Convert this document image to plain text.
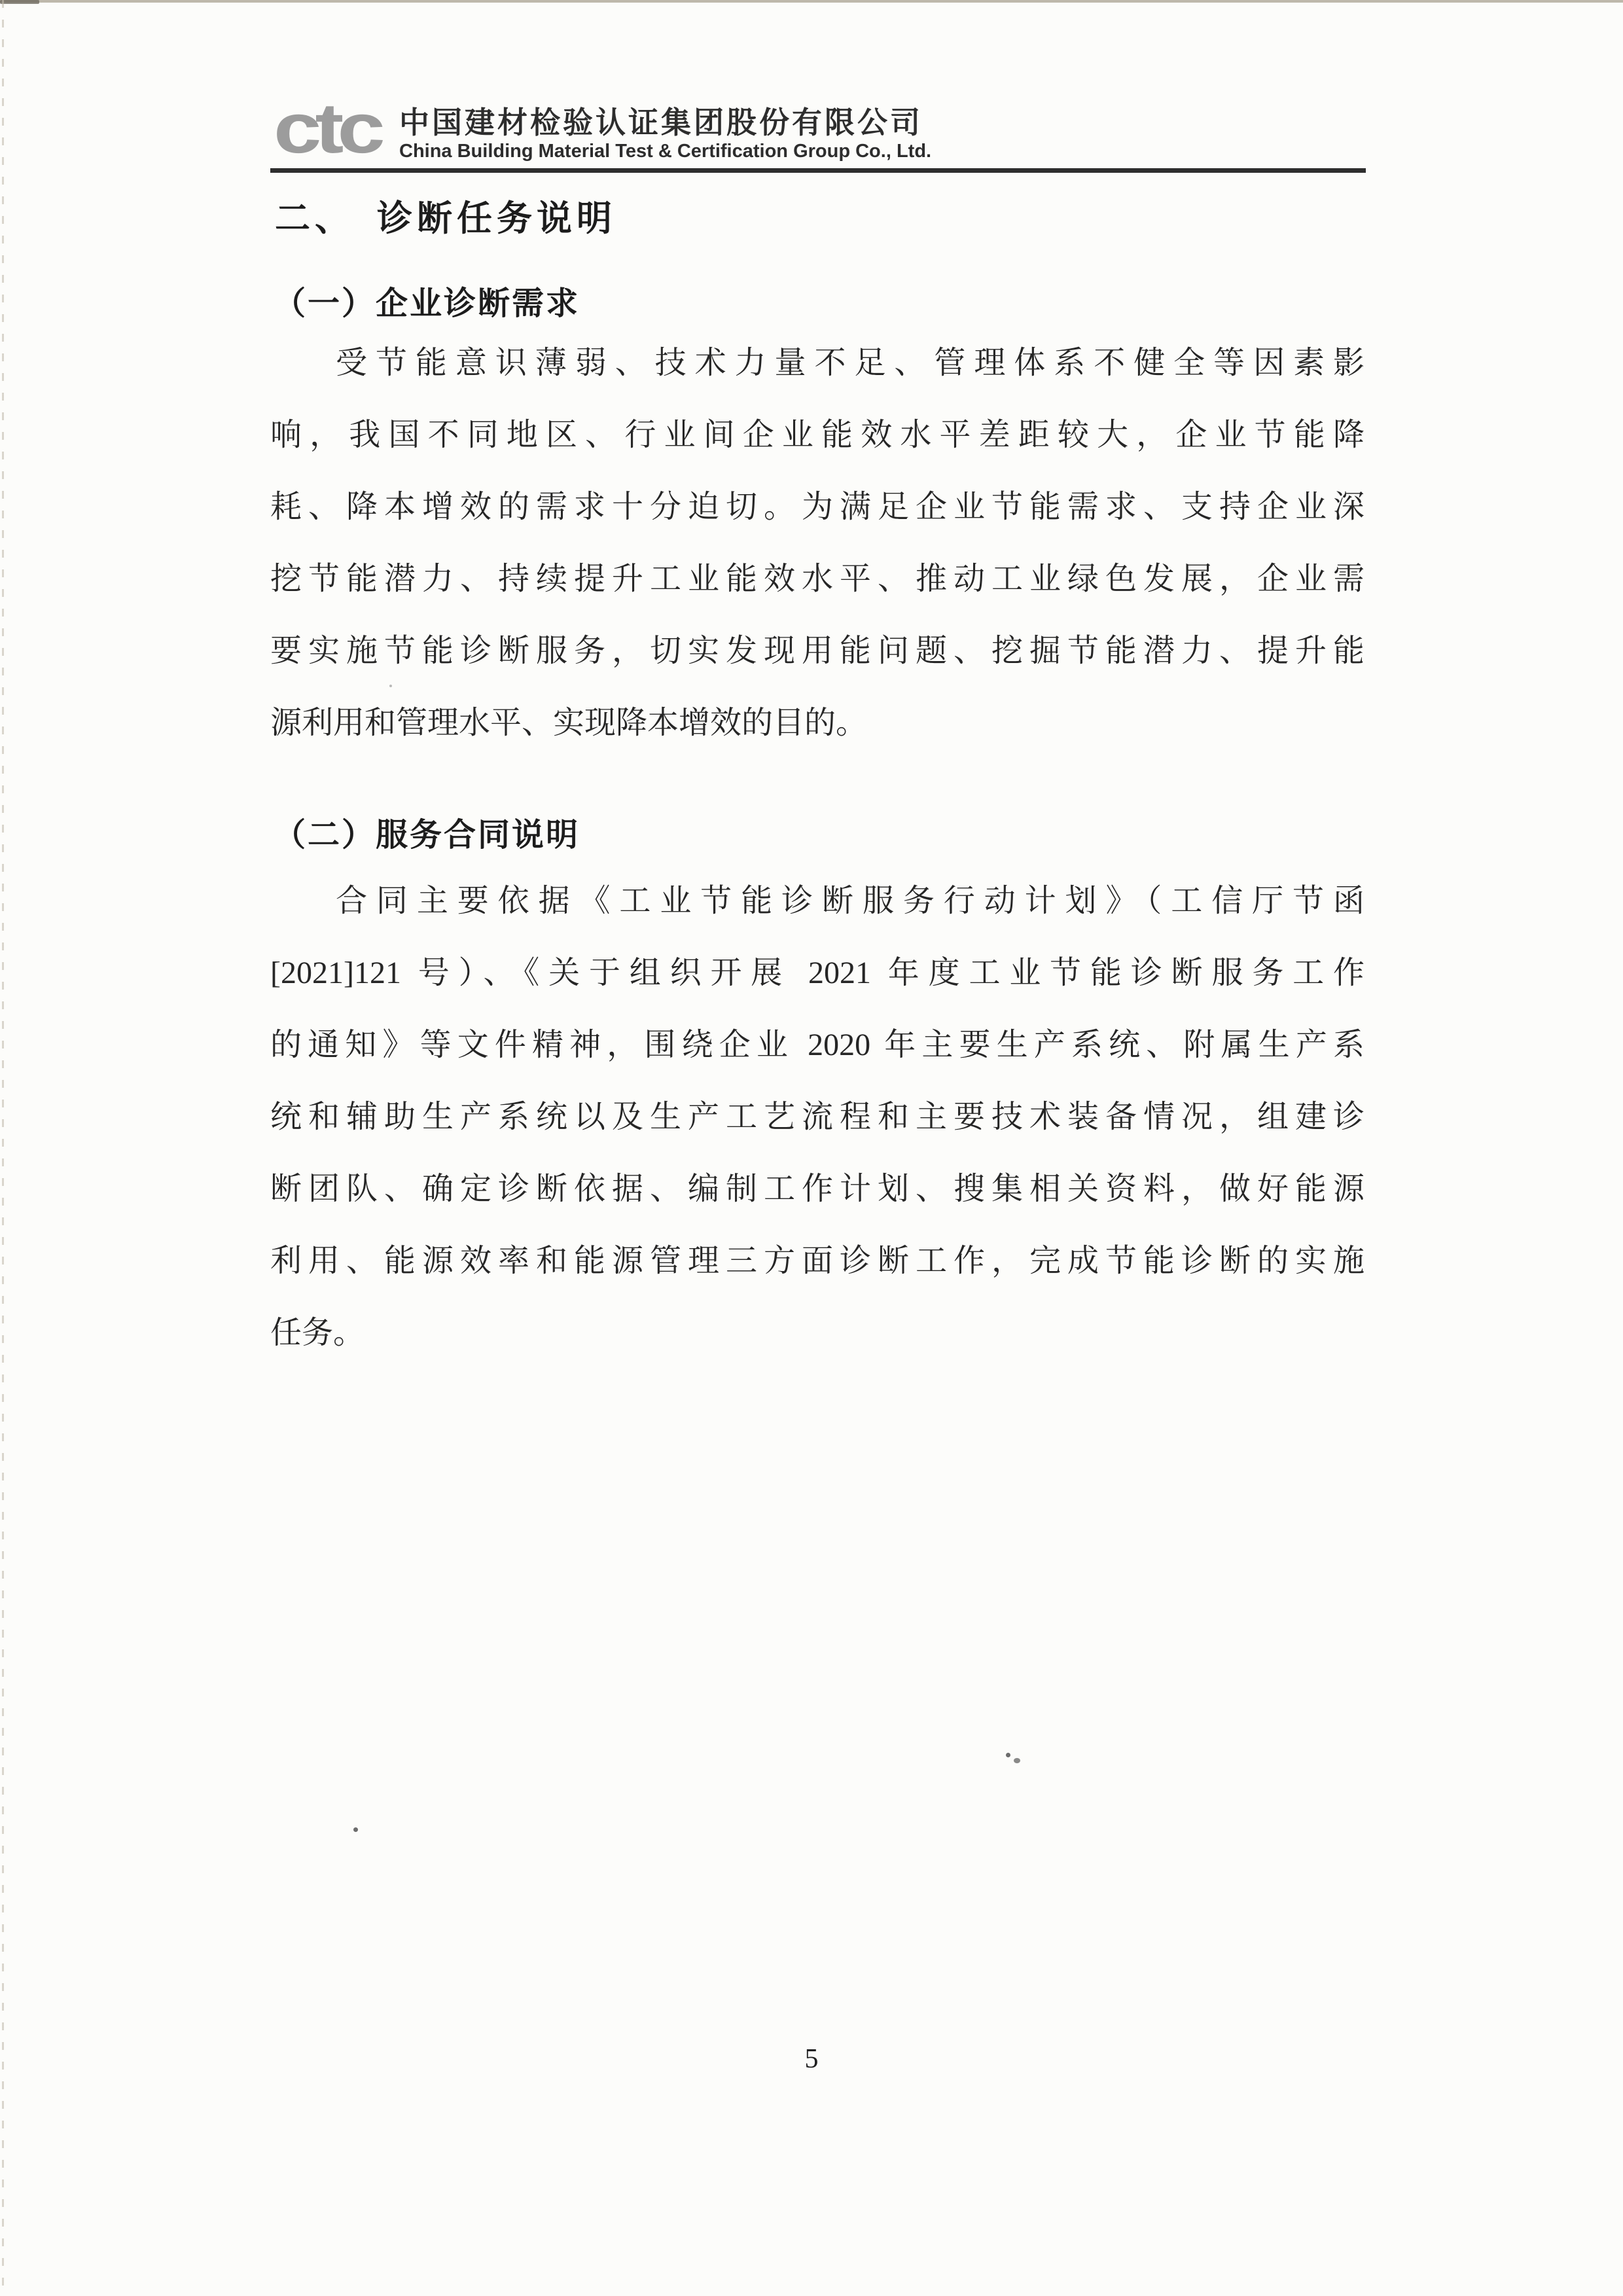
ctc 中国建材检验认证集团股份有限公司
China Building Material Test & Certification Group Co., Ltd.
二、　诊断任务说明
（一）企业诊断需求
受节能意识薄弱、技术力量不足、管理体系不健全等因素影
响，我国不同地区、行业间企业能效水平差距较大，企业节能降
耗、降本增效的需求十分迫切。为满足企业节能需求、支持企业深
挖节能潜力、持续提升工业能效水平、推动工业绿色发展，企业需
要实施节能诊断服务，切实发现用能问题、挖掘节能潜力、提升能
源利用和管理水平、实现降本增效的目的。
（二）服务合同说明
合同主要依据《工业节能诊断服务行动计划》（工信厅节函
[2021]121 号）、《关于组织开展 2021 年度工业节能诊断服务工作
的通知》等文件精神，围绕企业 2020 年主要生产系统、附属生产系
统和辅助生产系统以及生产工艺流程和主要技术装备情况，组建诊
断团队、确定诊断依据、编制工作计划、搜集相关资料，做好能源
利用、能源效率和能源管理三方面诊断工作，完成节能诊断的实施
任务。
5
